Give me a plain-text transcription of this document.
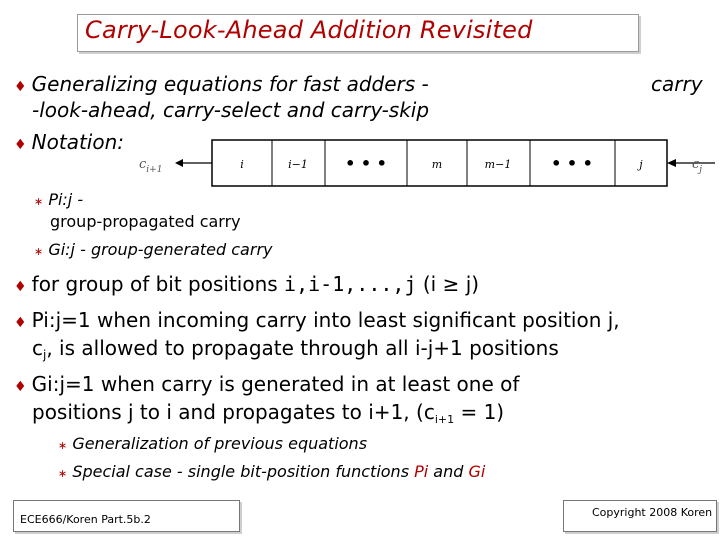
Carry-Look-Ahead Addition Revisited
♦ Generalizing equations for fast adders -	carry
-look-ahead, carry-select and carry-skip
♦ Notation:
$c_{i+1}$	$c_j$
i	i−1 • • •	m	m−1 • • •	j
∗ Pi:j -
group-propagated carry
∗ Gi:j - group-generated carry
♦ for group of bit positions i,i-1,...,j (i ≥ j)
♦ Pi:j=1 when incoming carry into least significant position j,
$c_j$, is allowed to propagate through all i-j+1 positions
♦ Gi:j=1 when carry is generated in at least one of
positions j to i and propagates to i+1, $(c_{i+1} = 1)$
∗ Generalization of previous equations
∗ Special case - single bit-position functions Pi and Gi
ECE666/Koren Part.5b.2
Copyright 2008 Koren
